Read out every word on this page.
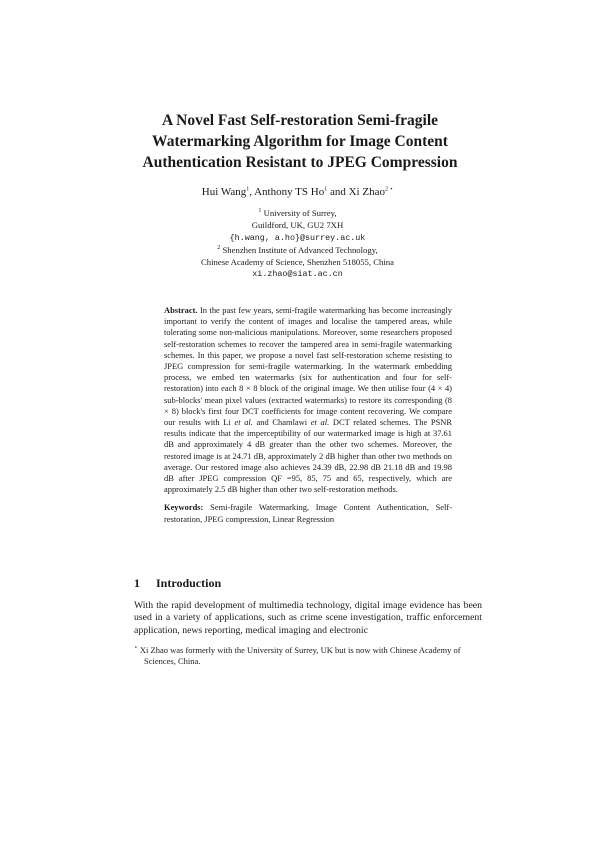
A Novel Fast Self-restoration Semi-fragile Watermarking Algorithm for Image Content Authentication Resistant to JPEG Compression
Hui Wang$^1$, Anthony TS Ho$^1$ and Xi Zhao$^{2 ⋆}$
$^1$ University of Surrey,
Guildford, UK, GU2 7XH
{h.wang, a.ho}@surrey.ac.uk
$^2$ Shenzhen Institute of Advanced Technology,
Chinese Academy of Science, Shenzhen 518055, China
xi.zhao@siat.ac.cn

Abstract. In the past few years, semi-fragile watermarking has become increasingly important to verify the content of images and localise the tampered areas, while tolerating some non-malicious manipulations. Moreover, some researchers proposed self-restoration schemes to recover the tampered area in semi-fragile watermarking schemes. In this paper, we propose a novel fast self-restoration scheme resisting to JPEG compression for semi-fragile watermarking. In the watermark embedding process, we embed ten watermarks (six for authentication and four for self-restoration) into each 8 × 8 block of the original image. We then utilise four (4 × 4) sub-blocks' mean pixel values (extracted watermarks) to restore its corresponding (8 × 8) block's first four DCT coefficients for image content recovering. We compare our results with Li et al. and Chamlawi et al. DCT related schemes. The PSNR results indicate that the imperceptibility of our watermarked image is high at 37.61 dB and approximately 4 dB greater than the other two schemes. Moreover, the restored image is at 24.71 dB, approximately 2 dB higher than other two methods on average. Our restored image also achieves 24.39 dB, 22.98 dB 21.18 dB and 19.98 dB after JPEG compression QF =95, 85, 75 and 65, respectively, which are approximately 2.5 dB higher than other two self-restoration methods.

Keywords: Semi-fragile Watermarking, Image Content Authentication, Self-restoration, JPEG compression, Linear Regression

1 Introduction

With the rapid development of multimedia technology, digital image evidence has been used in a variety of applications, such as crime scene investigation, traffic enforcement application, news reporting, medical imaging and electronic

⋆ Xi Zhao was formerly with the University of Surrey, UK but is now with Chinese Academy of Sciences, China.
